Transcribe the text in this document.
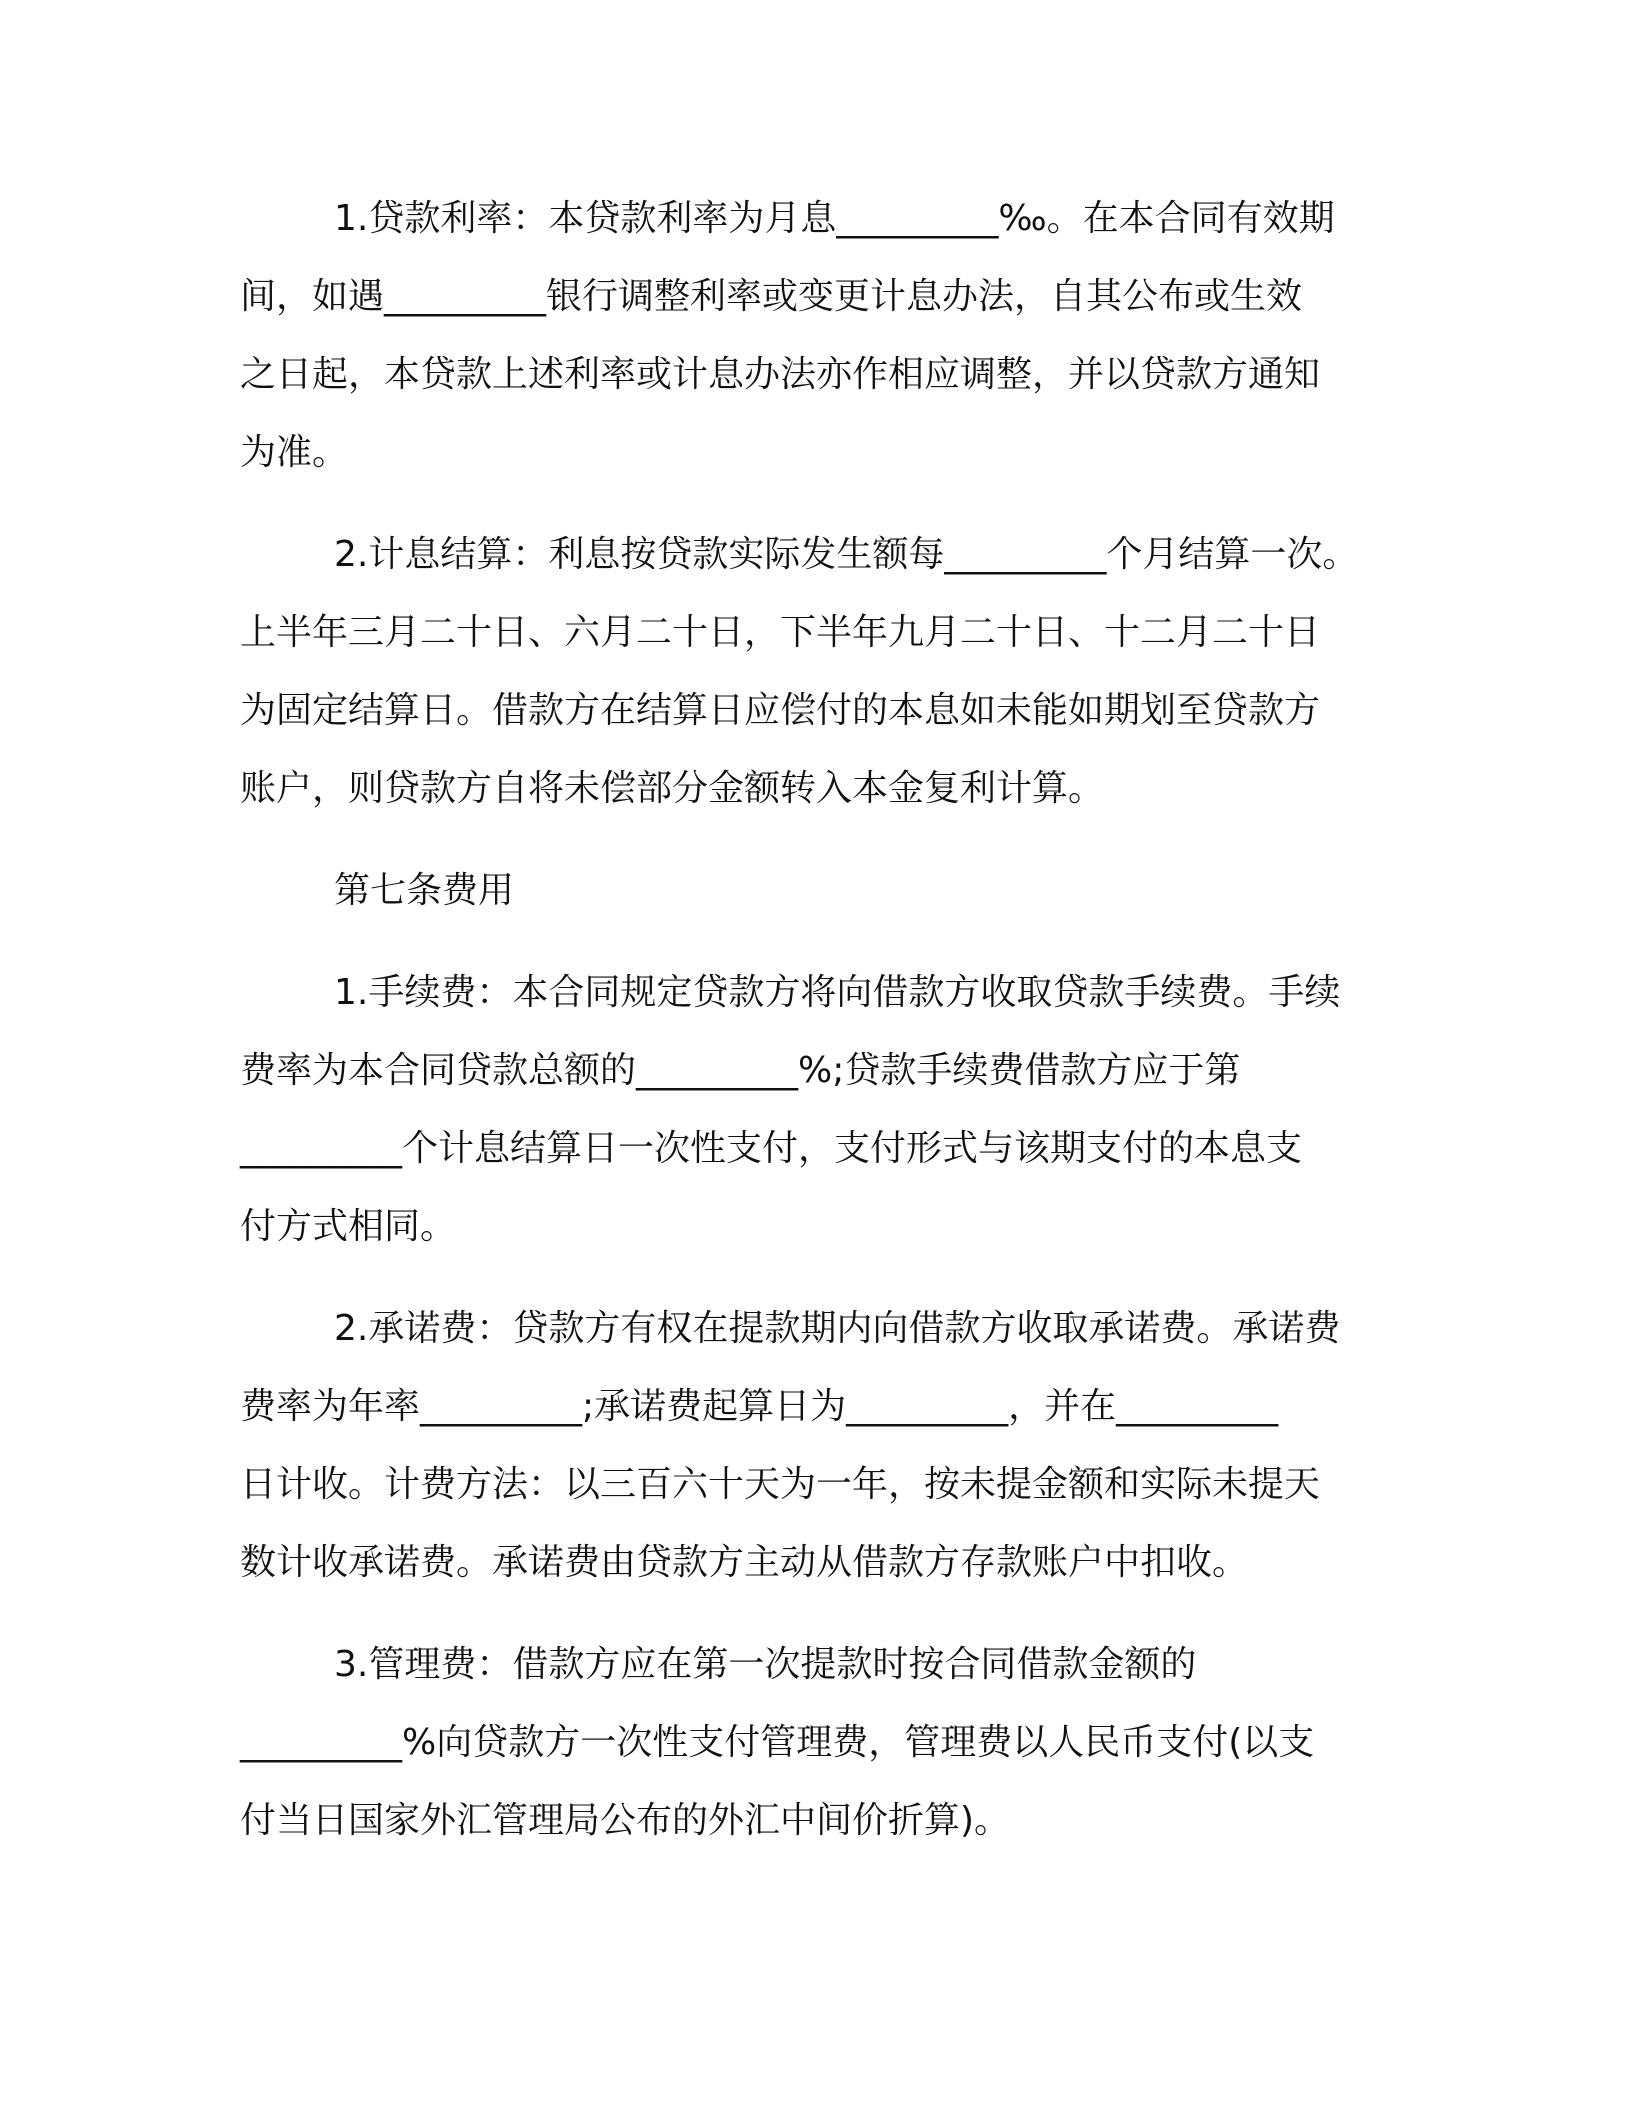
1.贷款利率：本贷款利率为月息_________‰。在本合同有效期
间，如遇_________银行调整利率或变更计息办法，自其公布或生效
之日起，本贷款上述利率或计息办法亦作相应调整，并以贷款方通知
为准。
2.计息结算：利息按贷款实际发生额每_________个月结算一次。
上半年三月二十日、六月二十日，下半年九月二十日、十二月二十日
为固定结算日。借款方在结算日应偿付的本息如未能如期划至贷款方
账户，则贷款方自将未偿部分金额转入本金复利计算。
第七条费用
1.手续费：本合同规定贷款方将向借款方收取贷款手续费。手续
费率为本合同贷款总额的_________%;贷款手续费借款方应于第
_________个计息结算日一次性支付，支付形式与该期支付的本息支
付方式相同。
2.承诺费：贷款方有权在提款期内向借款方收取承诺费。承诺费
费率为年率_________;承诺费起算日为_________，并在_________
日计收。计费方法：以三百六十天为一年，按未提金额和实际未提天
数计收承诺费。承诺费由贷款方主动从借款方存款账户中扣收。
3.管理费：借款方应在第一次提款时按合同借款金额的
_________%向贷款方一次性支付管理费，管理费以人民币支付(以支
付当日国家外汇管理局公布的外汇中间价折算)。
